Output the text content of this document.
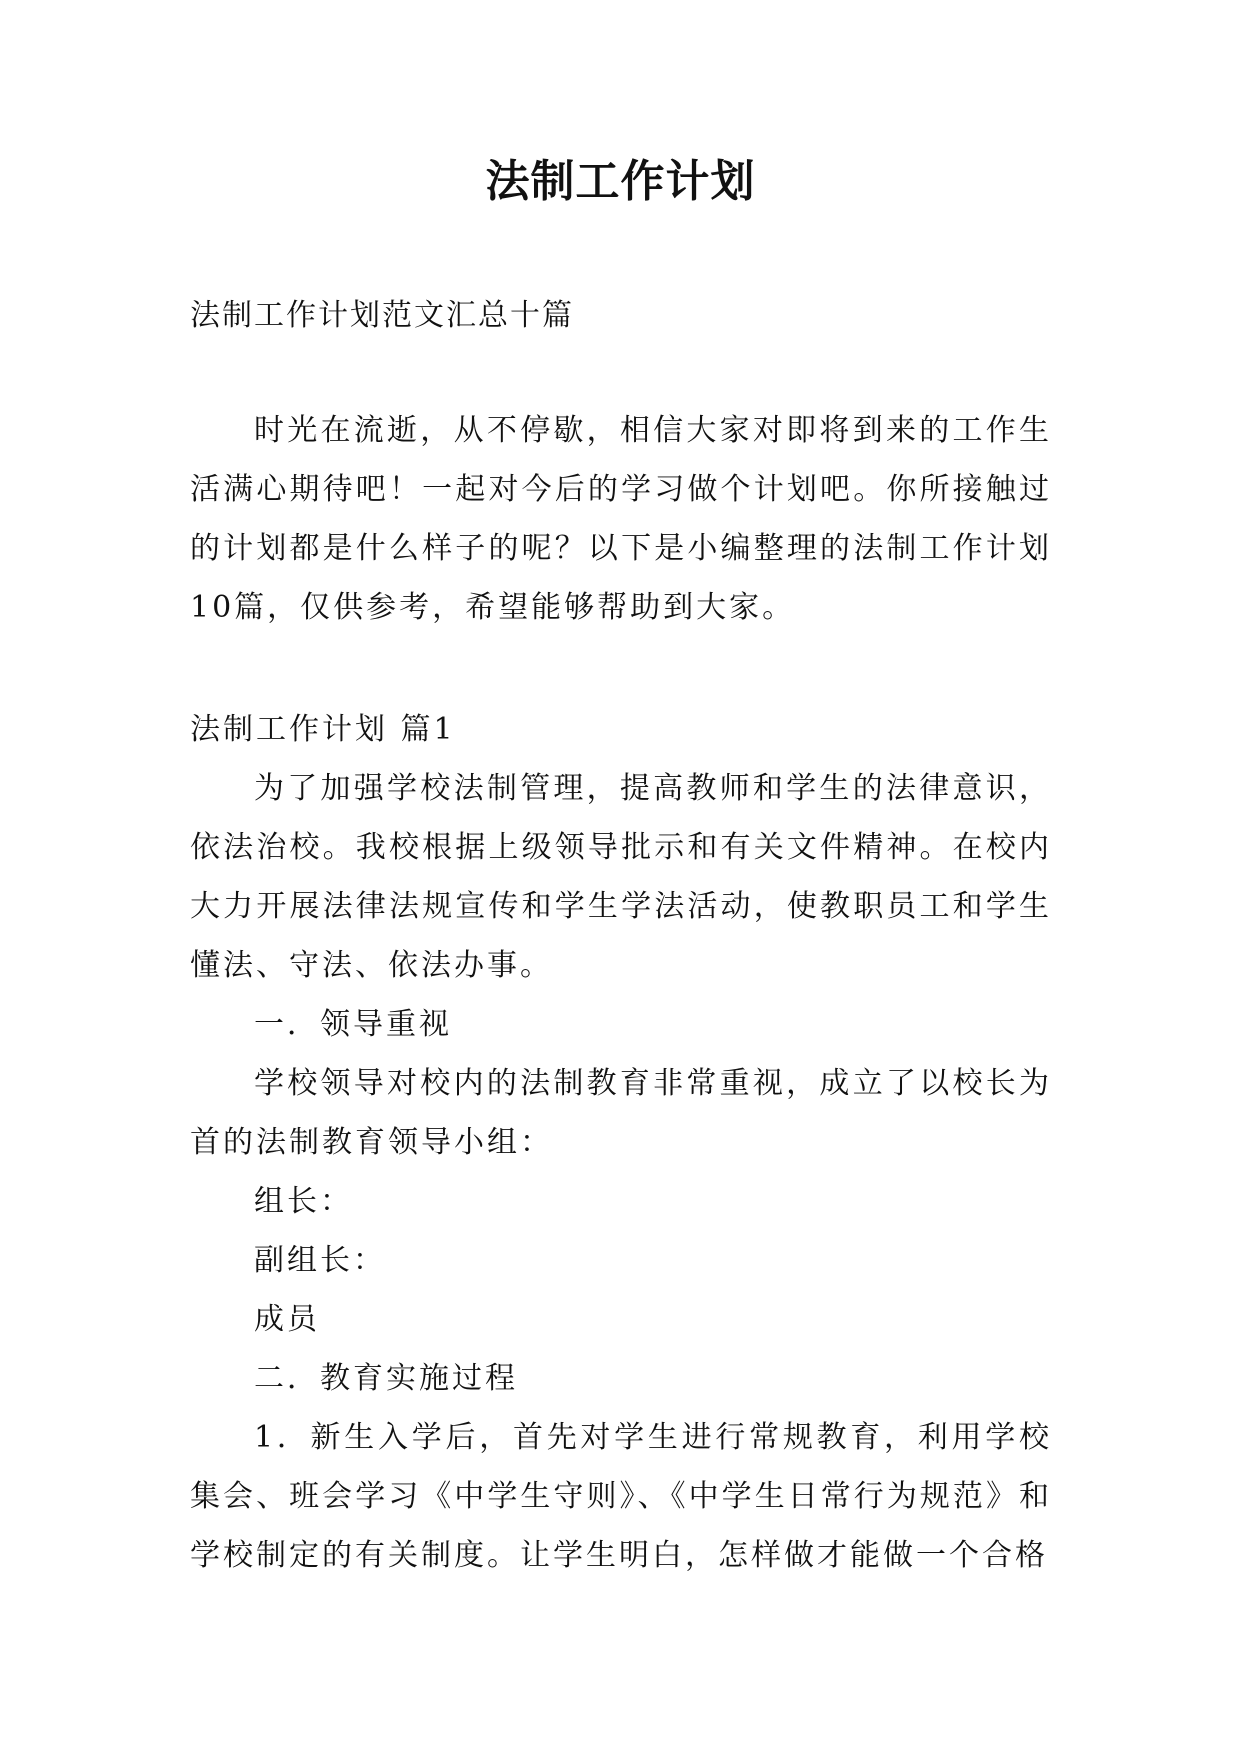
法制工作计划
法制工作计划范文汇总十篇

时光在流逝，从不停歇，相信大家对即将到来的工作生活满心期待吧！一起对今后的学习做个计划吧。你所接触过的计划都是什么样子的呢？以下是小编整理的法制工作计划10篇，仅供参考，希望能够帮助到大家。

法制工作计划 篇1

为了加强学校法制管理，提高教师和学生的法律意识，依法治校。我校根据上级领导批示和有关文件精神。在校内大力开展法律法规宣传和学生学法活动，使教职员工和学生懂法、守法、依法办事。

一．领导重视

学校领导对校内的法制教育非常重视，成立了以校长为首的法制教育领导小组：

组长：

副组长：

成员

二．教育实施过程

1．新生入学后，首先对学生进行常规教育，利用学校集会、班会学习《中学生守则》、《中学生日常行为规范》和学校制定的有关制度。让学生明白，怎样做才能做一个合格
